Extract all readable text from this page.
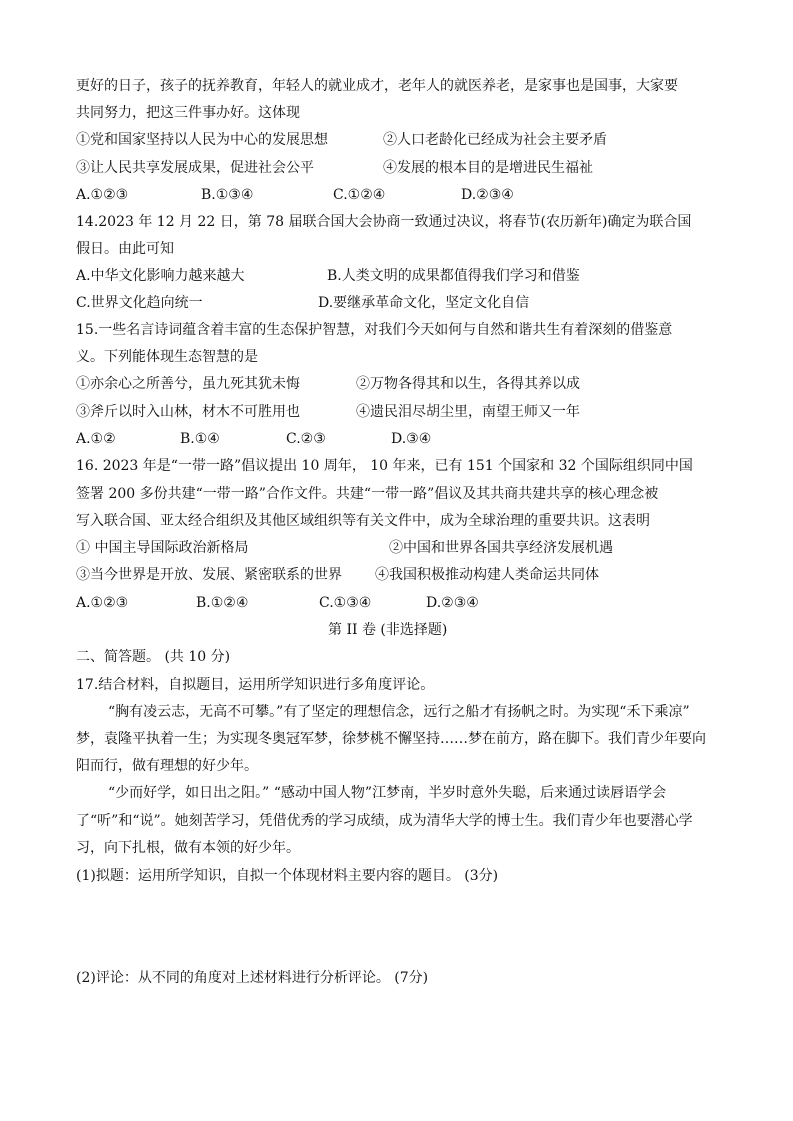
更好的日子，孩子的抚养教育，年轻人的就业成才，老年人的就医养老，是家事也是国事，大家要
共同努力，把这三件事办好。这体现
①党和国家坚持以人民为中心的发展思想	②人口老龄化已经成为社会主要矛盾
③让人民共享发展成果，促进社会公平	④发展的根本目的是增进民生福祉
A.①②③	B.①③④	C.①②④	D.②③④
14.2023 年 12 月 22 日，第 78 届联合国大会协商一致通过决议，将春节(农历新年)确定为联合国
假日。由此可知
A.中华文化影响力越来越大	B.人类文明的成果都值得我们学习和借鉴
C.世界文化趋向统一	D.要继承革命文化，坚定文化自信
15.一些名言诗词蕴含着丰富的生态保护智慧，对我们今天如何与自然和谐共生有着深刻的借鉴意
义。下列能体现生态智慧的是
①亦余心之所善兮，虽九死其犹未悔	②万物各得其和以生，各得其养以成
③斧斤以时入山林，材木不可胜用也	④遗民泪尽胡尘里，南望王师又一年
A.①②	B.①④	C.②③	D.③④
16. 2023 年是“一带一路”倡议提出 10 周年， 10 年来，已有 151 个国家和 32 个国际组织同中国
签署 200 多份共建“一带一路”合作文件。共建“一带一路”倡议及其共商共建共享的核心理念被
写入联合国、亚太经合组织及其他区域组织等有关文件中，成为全球治理的重要共识。这表明
① 中国主导国际政治新格局	②中国和世界各国共享经济发展机遇
③当今世界是开放、发展、紧密联系的世界 ④我国积极推动构建人类命运共同体
A.①②③	B.①②④	C.①③④	D.②③④
第 II 卷 (非选择题)
二、简答题。 (共 10 分)
17.结合材料，自拟题目，运用所学知识进行多角度评论。
“胸有凌云志，无高不可攀。”有了坚定的理想信念，远行之船才有扬帆之时。为实现“禾下乘凉”
梦，袁隆平执着一生；为实现冬奥冠军梦，徐梦桃不懈坚持……梦在前方，路在脚下。我们青少年要向
阳而行，做有理想的好少年。
“少而好学，如日出之阳。” “感动中国人物”江梦南，半岁时意外失聪，后来通过读唇语学会
了“听”和“说”。她刻苦学习，凭借优秀的学习成绩，成为清华大学的博士生。我们青少年也要潜心学
习，向下扎根，做有本领的好少年。
(1)拟题：运用所学知识，自拟一个体现材料主要内容的题目。 (3分)
(2)评论：从不同的角度对上述材料进行分析评论。 (7分)
